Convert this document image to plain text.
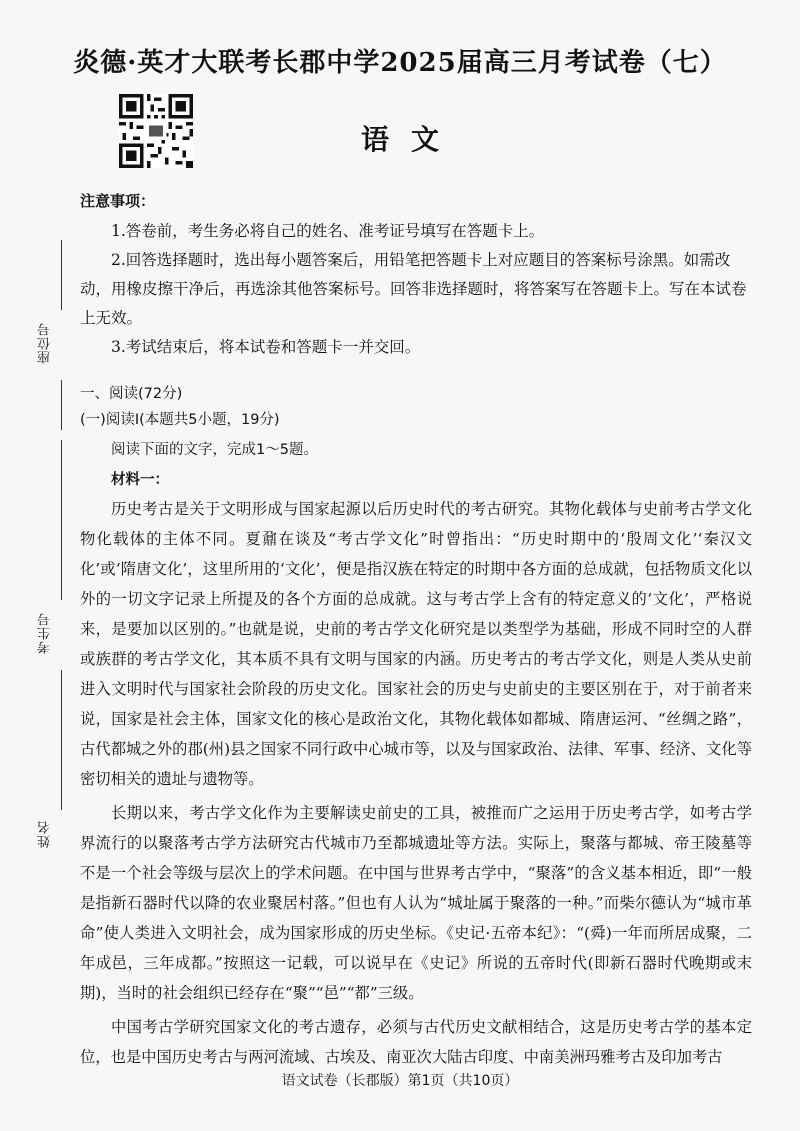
炎德·英才大联考长郡中学2025届高三月考试卷（七）
语文
座位号
考生号
姓名
注意事项：

1.答卷前，考生务必将自己的姓名、准考证号填写在答题卡上。

2.回答选择题时，选出每小题答案后，用铅笔把答题卡上对应题目的答案标号涂黑。如需改动，用橡皮擦干净后，再选涂其他答案标号。回答非选择题时，将答案写在答题卡上。写在本试卷上无效。

3.考试结束后，将本试卷和答题卡一并交回。

一、阅读(72分)
(一)阅读Ⅰ(本题共5小题，19分)
阅读下面的文字，完成1～5题。
材料一：

历史考古是关于文明形成与国家起源以后历史时代的考古研究。其物化载体与史前考古学文化物化载体的主体不同。夏鼐在谈及“考古学文化”时曾指出：“历史时期中的‘殷周文化’‘秦汉文化’或‘隋唐文化’，这里所用的‘文化’，便是指汉族在特定的时期中各方面的总成就，包括物质文化以外的一切文字记录上所提及的各个方面的总成就。这与考古学上含有的特定意义的‘文化’，严格说来，是要加以区别的。”也就是说，史前的考古学文化研究是以类型学为基础，形成不同时空的人群或族群的考古学文化，其本质不具有文明与国家的内涵。历史考古的考古学文化，则是人类从史前进入文明时代与国家社会阶段的历史文化。国家社会的历史与史前史的主要区别在于，对于前者来说，国家是社会主体，国家文化的核心是政治文化，其物化载体如都城、隋唐运河、“丝绸之路”，古代都城之外的郡(州)县之国家不同行政中心城市等，以及与国家政治、法律、军事、经济、文化等密切相关的遗址与遗物等。

长期以来，考古学文化作为主要解读史前史的工具，被推而广之运用于历史考古学，如考古学界流行的以聚落考古学方法研究古代城市乃至都城遗址等方法。实际上，聚落与都城、帝王陵墓等不是一个社会等级与层次上的学术问题。在中国与世界考古学中，“聚落”的含义基本相近，即“一般是指新石器时代以降的农业聚居村落。”但也有人认为“城址属于聚落的一种。”而柴尔德认为“城市革命”使人类进入文明社会，成为国家形成的历史坐标。《史记·五帝本纪》：“(舜)一年而所居成聚，二年成邑，三年成都。”按照这一记载，可以说早在《史记》所说的五帝时代(即新石器时代晚期或末期)，当时的社会组织已经存在“聚”“邑”“都”三级。

中国考古学研究国家文化的考古遗存，必须与古代历史文献相结合，这是历史考古学的基本定位，也是中国历史考古与两河流域、古埃及、南亚次大陆古印度、中南美洲玛雅考古及印加考古

语文试卷（长郡版）第1页（共10页）
